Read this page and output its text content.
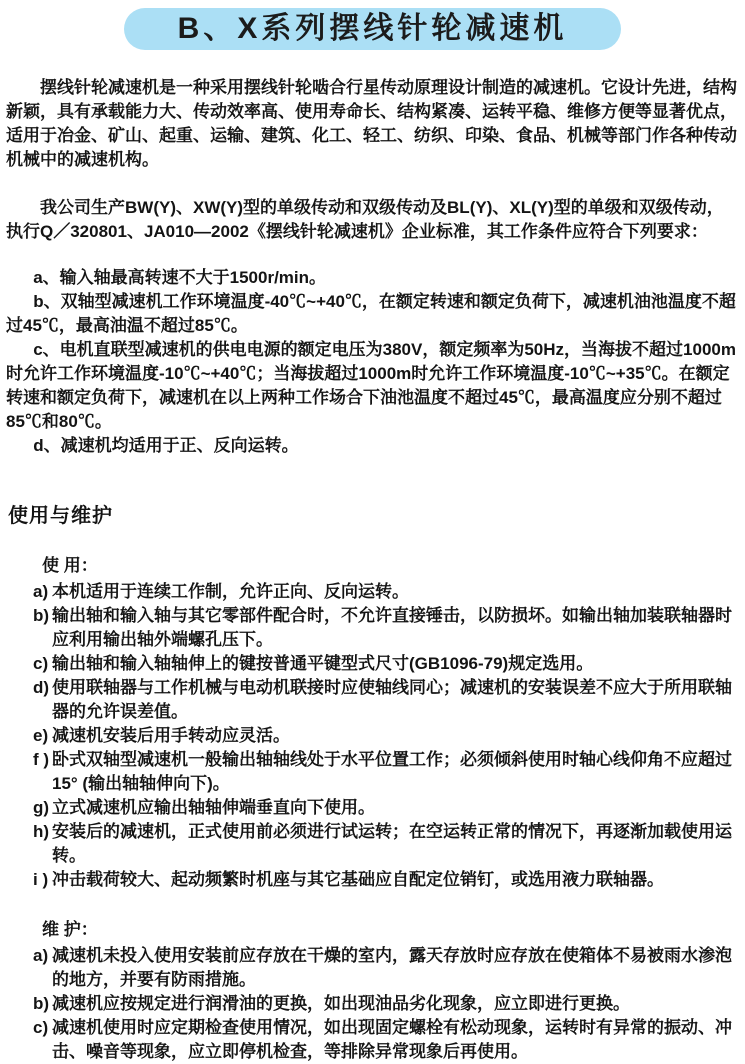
B、X系列摆线针轮减速机

摆线针轮减速机是一种采用摆线针轮啮合行星传动原理设计制造的减速机。它设计先进，结构新颖，具有承载能力大、传动效率高、使用寿命长、结构紧凑、运转平稳、维修方便等显著优点，适用于冶金、矿山、起重、运输、建筑、化工、轻工、纺织、印染、食品、机械等部门作各种传动机械中的减速机构。

我公司生产BW(Y)、XW(Y)型的单级传动和双级传动及BL(Y)、XL(Y)型的单级和双级传动，执行Q／320801、JA010—2002《摆线针轮减速机》企业标准，其工作条件应符合下列要求：

a、输入轴最高转速不大于1500r/min。

b、双轴型减速机工作环境温度-40℃~+40℃，在额定转速和额定负荷下，减速机油池温度不超过45℃，最高油温不超过85℃。

c、电机直联型减速机的供电电源的额定电压为380V，额定频率为50Hz，当海拔不超过1000m时允许工作环境温度-10℃~+40℃；当海拔超过1000m时允许工作环境温度-10℃~+35℃。在额定转速和额定负荷下，减速机在以上两种工作场合下油池温度不超过45℃，最高温度应分别不超过85℃和80℃。

d、减速机均适用于正、反向运转。

使用与维护

使 用：

a) 本机适用于连续工作制，允许正向、反向运转。

b) 输出轴和输入轴与其它零部件配合时，不允许直接锤击，以防损坏。如输出轴加装联轴器时应利用输出轴外端螺孔压下。

c) 输出轴和输入轴轴伸上的键按普通平键型式尺寸(GB1096-79)规定选用。

d) 使用联轴器与工作机械与电动机联接时应使轴线同心；减速机的安装误差不应大于所用联轴器的允许误差值。

e) 减速机安装后用手转动应灵活。

f ) 卧式双轴型减速机一般输出轴轴线处于水平位置工作；必须倾斜使用时轴心线仰角不应超过15° (输出轴轴伸向下)。

g) 立式减速机应输出轴轴伸端垂直向下使用。

h) 安装后的减速机，正式使用前必须进行试运转；在空运转正常的情况下，再逐渐加载使用运转。

i ) 冲击载荷较大、起动频繁时机座与其它基础应自配定位销钉，或选用液力联轴器。

维 护：

a) 减速机未投入使用安装前应存放在干燥的室内，露天存放时应存放在使箱体不易被雨水渗泡的地方，并要有防雨措施。

b) 减速机应按规定进行润滑油的更换，如出现油品劣化现象，应立即进行更换。

c) 减速机使用时应定期检查使用情况，如出现固定螺栓有松动现象，运转时有异常的振动、冲击、噪音等现象，应立即停机检查，等排除异常现象后再使用。
